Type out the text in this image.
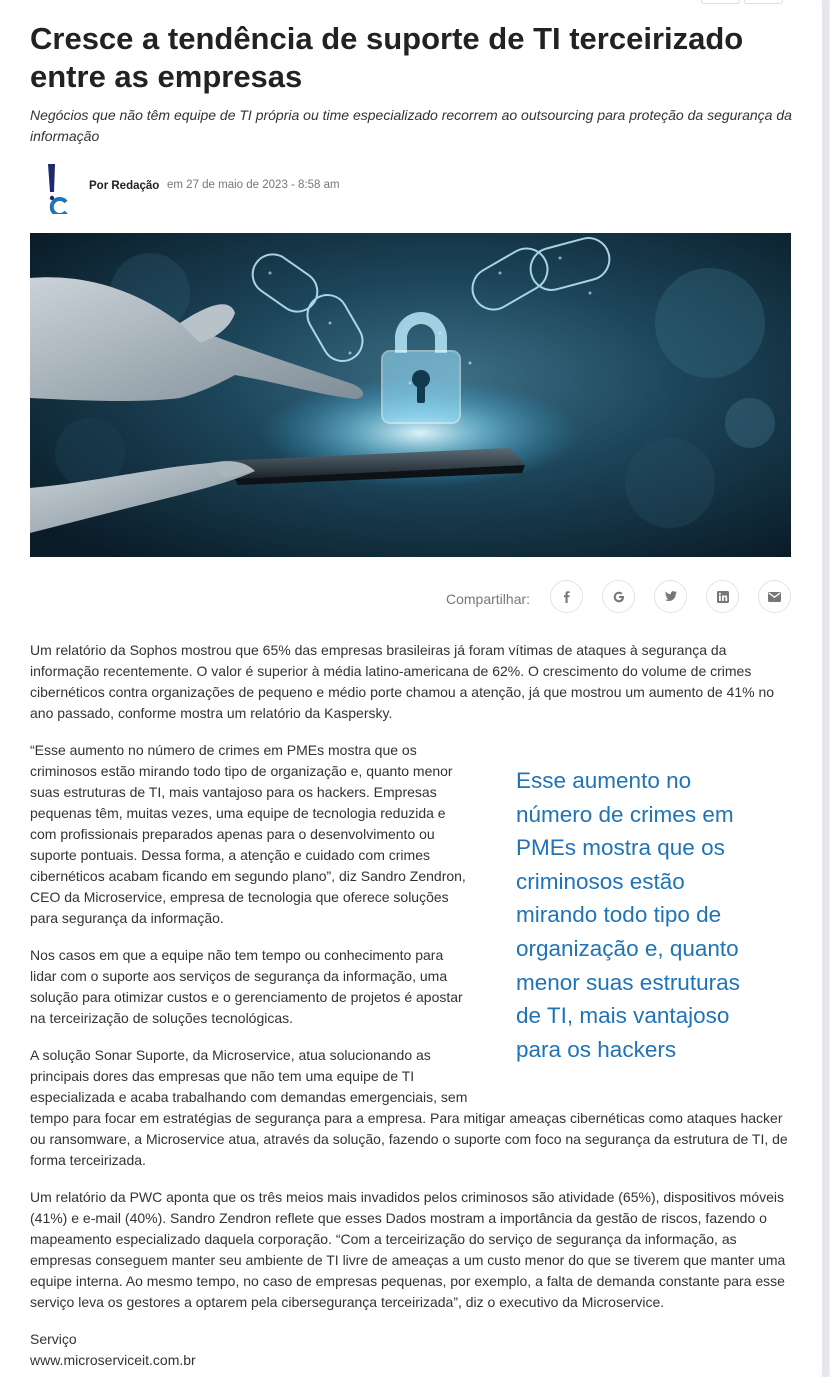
Cresce a tendência de suporte de TI terceirizado entre as empresas

Negócios que não têm equipe de TI própria ou time especializado recorrem ao outsourcing para proteção da segurança da informação

Por Redação em 27 de maio de 2023 - 8:58 am
Compartilhar:

Um relatório da Sophos mostrou que 65% das empresas brasileiras já foram vítimas de ataques à segurança da informação recentemente. O valor é superior à média latino-americana de 62%. O crescimento do volume de crimes cibernéticos contra organizações de pequeno e médio porte chamou a atenção, já que mostrou um aumento de 41% no ano passado, conforme mostra um relatório da Kaspersky.

“Esse aumento no número de crimes em PMEs mostra que os criminosos estão mirando todo tipo de organização e, quanto menor suas estruturas de TI, mais vantajoso para os hackers. Empresas pequenas têm, muitas vezes, uma equipe de tecnologia reduzida e com profissionais preparados apenas para o desenvolvimento ou suporte pontuais. Dessa forma, a atenção e cuidado com crimes cibernéticos acabam ficando em segundo plano”, diz Sandro Zendron, CEO da Microservice, empresa de tecnologia que oferece soluções para segurança da informação.

Nos casos em que a equipe não tem tempo ou conhecimento para lidar com o suporte aos serviços de segurança da informação, uma solução para otimizar custos e o gerenciamento de projetos é apostar na terceirização de soluções tecnológicas.

A solução Sonar Suporte, da Microservice, atua solucionando as
principais dores das empresas que não tem uma equipe de TI
especializada e acaba trabalhando com demandas emergenciais, sem
tempo para focar em estratégias de segurança para a empresa. Para mitigar ameaças cibernéticas como ataques hacker ou ransomware, a Microservice atua, através da solução, fazendo o suporte com foco na segurança da estrutura de TI, de forma terceirizada.

Um relatório da PWC aponta que os três meios mais invadidos pelos criminosos são atividade (65%), dispositivos móveis (41%) e e-mail (40%). Sandro Zendron reflete que esses Dados mostram a importância da gestão de riscos, fazendo o mapeamento especializado daquela corporação. “Com a terceirização do serviço de segurança da informação, as empresas conseguem manter seu ambiente de TI livre de ameaças a um custo menor do que se tiverem que manter uma equipe interna. Ao mesmo tempo, no caso de empresas pequenas, por exemplo, a falta de demanda constante para esse serviço leva os gestores a optarem pela cibersegurança terceirizada”, diz o executivo da Microservice.

Serviço
www.microserviceit.com.br
Esse aumento no número de crimes em PMEs mostra que os criminosos estão mirando todo tipo de organização e, quanto menor suas estruturas de TI, mais vantajoso para os hackers
